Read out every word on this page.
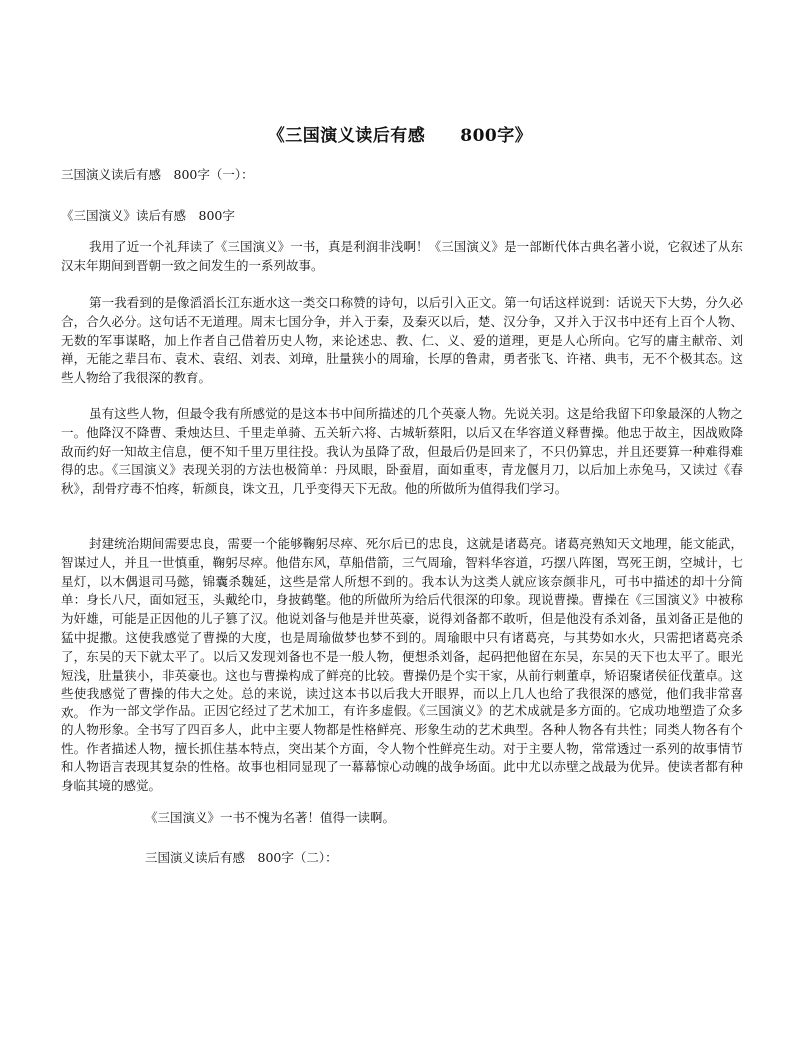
《三国演义读后有感　　800字》
三国演义读后有感　800字（一）：
《三国演义》读后有感　800字

我用了近一个礼拜读了《三国演义》一书，真是利润非浅啊！《三国演义》是一部断代体古典名著小说，它叙述了从东汉末年期间到晋朝一致之间发生的一系列故事。

第一我看到的是像滔滔长江东逝水这一类交口称赞的诗句，以后引入正文。第一句话这样说到：话说天下大势，分久必合，合久必分。这句话不无道理。周末七国分争，并入于秦，及秦灭以后，楚、汉分争，又并入于汉书中还有上百个人物、无数的军事谋略，加上作者自己借着历史人物，来论述忠、教、仁、义、爱的道理，更是人心所向。它写的庸主献帝、刘禅，无能之辈吕布、袁术、袁绍、刘表、刘璋，肚量狭小的周瑜，长厚的鲁肃，勇者张飞、许褚、典韦，无不个极其态。这些人物给了我很深的教育。

虽有这些人物，但最令我有所感觉的是这本书中间所描述的几个英豪人物。先说关羽。这是给我留下印象最深的人物之一。他降汉不降曹、秉烛达旦、千里走单骑、五关斩六将、古城斩蔡阳，以后又在华容道义释曹操。他忠于故主，因战败降敌而约好一知故主信息，便不知千里万里往投。我认为虽降了敌，但最后仍是回来了，不只仍算忠，并且还要算一种难得难得的忠。《三国演义》表现关羽的方法也极简单：丹凤眼，卧蚕眉，面如重枣，青龙偃月刀，以后加上赤兔马，又读过《春秋》，刮骨疗毒不怕疼，斩颜良，诛文丑，几乎变得天下无敌。他的所做所为值得我们学习。

封建统治期间需要忠良，需要一个能够鞠躬尽瘁、死尔后已的忠良，这就是诸葛亮。诸葛亮熟知天文地理，能文能武，智谋过人，并且一世慎重，鞠躬尽瘁。他借东风，草船借箭，三气周瑜，智料华容道，巧摆八阵图，骂死王朗，空城计，七星灯，以木偶退司马懿，锦囊杀魏延，这些是常人所想不到的。我本认为这类人就应该奈颜非凡，可书中描述的却十分简单：身长八尺，面如冠玉，头戴纶巾，身披鹤氅。他的所做所为给后代很深的印象。现说曹操。曹操在《三国演义》中被称为奸雄，可能是正因他的儿子篡了汉。他说刘备与他是并世英豪，说得刘备都不敢听，但是他没有杀刘备，虽刘备正是他的猛中捉撒。这使我感觉了曹操的大度，也是周瑜做梦也梦不到的。周瑜眼中只有诸葛亮，与其势如水火，只需把诸葛亮杀了，东吴的天下就太平了。以后又发现刘备也不是一般人物，便想杀刘备，起码把他留在东吴，东吴的天下也太平了。眼光短浅，肚量狭小，非英豪也。这也与曹操构成了鲜亮的比较。曹操仍是个实干家，从前行刺董卓，矫诏聚诸侯征伐董卓。这些使我感觉了曹操的伟大之处。总的来说，读过这本书以后我大开眼界，而以上几人也给了我很深的感觉，他们我非常喜欢。 作为一部文学作品。正因它经过了艺术加工，有许多虚假。《三国演义》的艺术成就是多方面的。它成功地塑造了众多的人物形象。全书写了四百多人，此中主要人物都是性格鲜亮、形象生动的艺术典型。各种人物各有共性；同类人物各有个性。作者描述人物，擅长抓住基本特点，突出某个方面，令人物个性鲜亮生动。对于主要人物，常常透过一系列的故事情节和人物语言表现其复杂的性格。故事也相同显现了一幕幕惊心动魄的战争场面。此中尤以赤壁之战最为优异。使读者都有种身临其境的感觉。

《三国演义》一书不愧为名著！值得一读啊。
三国演义读后有感　800字（二）：
